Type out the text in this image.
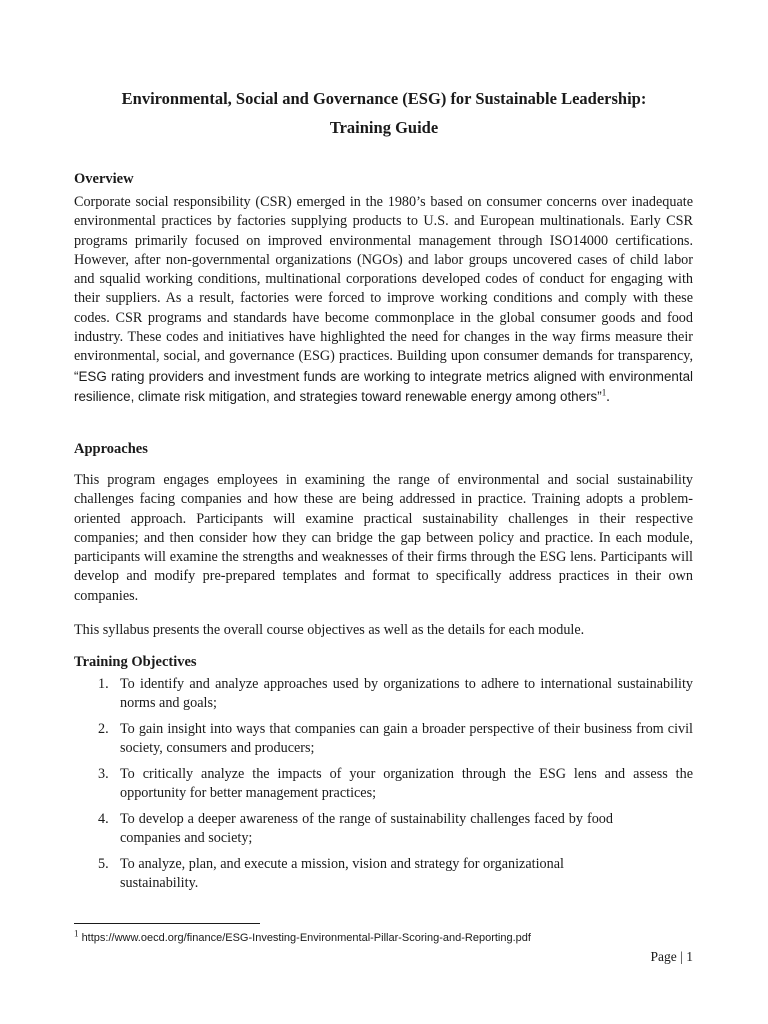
Environmental, Social and Governance (ESG) for Sustainable Leadership:
Training Guide
Overview

Corporate social responsibility (CSR) emerged in the 1980’s based on consumer concerns over inadequate environmental practices by factories supplying products to U.S. and European multinationals. Early CSR programs primarily focused on improved environmental management through ISO14000 certifications. However, after non-governmental organizations (NGOs) and labor groups uncovered cases of child labor and squalid working conditions, multinational corporations developed codes of conduct for engaging with their suppliers. As a result, factories were forced to improve working conditions and comply with these codes. CSR programs and standards have become commonplace in the global consumer goods and food industry. These codes and initiatives have highlighted the need for changes in the way firms measure their environmental, social, and governance (ESG) practices. Building upon consumer demands for transparency, “ESG rating providers and investment funds are working to integrate metrics aligned with environmental resilience, climate risk mitigation, and strategies toward renewable energy among others”$^1$.

Approaches

This program engages employees in examining the range of environmental and social sustainability challenges facing companies and how these are being addressed in practice. Training adopts a problem-oriented approach. Participants will examine practical sustainability challenges in their respective companies; and then consider how they can bridge the gap between policy and practice. In each module, participants will examine the strengths and weaknesses of their firms through the ESG lens. Participants will develop and modify pre-prepared templates and format to specifically address practices in their own companies.

This syllabus presents the overall course objectives as well as the details for each module.

Training Objectives
1. To identify and analyze approaches used by organizations to adhere to international sustainability norms and goals;
2. To gain insight into ways that companies can gain a broader perspective of their business from civil society, consumers and producers;
3. To critically analyze the impacts of your organization through the ESG lens and assess the opportunity for better management practices;
4. To develop a deeper awareness of the range of sustainability challenges faced by food companies and society;
5. To analyze, plan, and execute a mission, vision and strategy for organizational sustainability.
$^1$ https://www.oecd.org/finance/ESG-Investing-Environmental-Pillar-Scoring-and-Reporting.pdf
Page | 1
